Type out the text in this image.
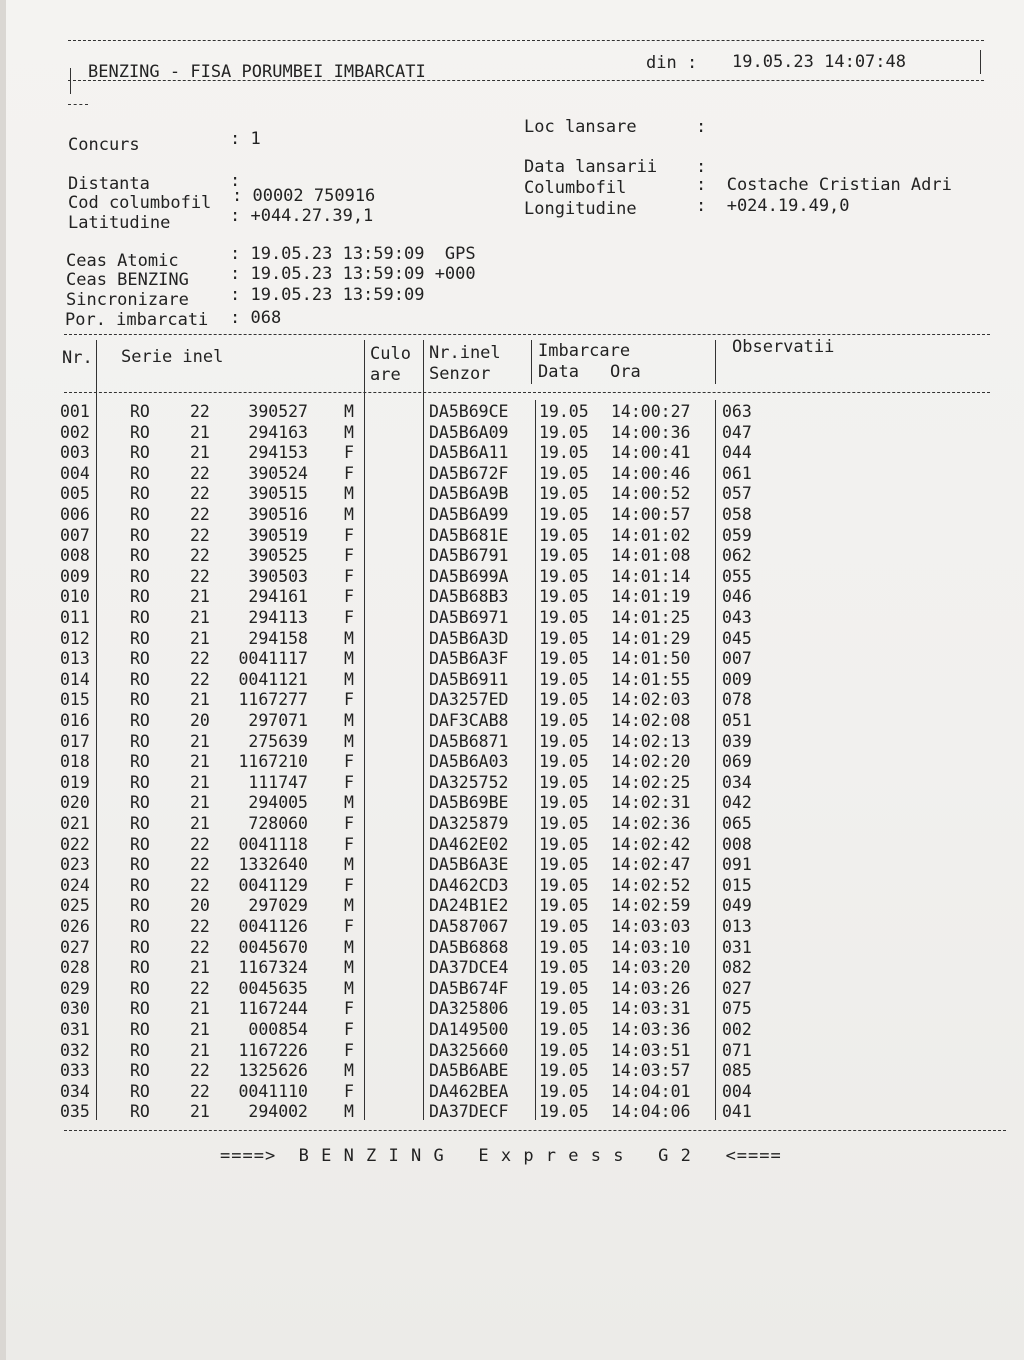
BENZING - FISA PORUMBEI IMBARCATI	din : 19.05.23 14:07:48
Concurs	: 1
Distanta	:
Cod columbofil : 00002 750916
Latitudine	: +044.27.39,1
Ceas Atomic	: 19.05.23 13:59:09  GPS
Ceas BENZING : 19.05.23 13:59:09 +000
Sincronizare : 19.05.23 13:59:09
Por. imbarcati : 068
Loc lansare	:
Data lansarii :
Columbofil	:  Costache Cristian Adri
Longitudine	:  +024.19.49,0
Nr. Serie inel	Culo
are
Nr.inel
Senzor
Imbarcare
Data Ora
Observatii
001 RO 22 390527 M	DA5B69CE 19.05 14:00:27 063
002 RO 21 294163 M	DA5B6A09 19.05 14:00:36 047
003 RO 21 294153 F	DA5B6A11 19.05 14:00:41 044
004 RO 22 390524 F	DA5B672F 19.05 14:00:46 061
005 RO 22 390515 M	DA5B6A9B 19.05 14:00:52 057
006 RO 22 390516 M	DA5B6A99 19.05 14:00:57 058
007 RO 22 390519 F	DA5B681E 19.05 14:01:02 059
008 RO 22 390525 F	DA5B6791 19.05 14:01:08 062
009 RO 22 390503 F	DA5B699A 19.05 14:01:14 055
010 RO 21 294161 F	DA5B68B3 19.05 14:01:19 046
011 RO 21 294113 F	DA5B6971 19.05 14:01:25 043
012 RO 21 294158 M	DA5B6A3D 19.05 14:01:29 045
013 RO 22 0041117 M	DA5B6A3F 19.05 14:01:50 007
014 RO 22 0041121 M	DA5B6911 19.05 14:01:55 009
015 RO 21 1167277 F	DA3257ED 19.05 14:02:03 078
016 RO 20 297071 M	DAF3CAB8 19.05 14:02:08 051
017 RO 21 275639 M	DA5B6871 19.05 14:02:13 039
018 RO 21 1167210 F	DA5B6A03 19.05 14:02:20 069
019 RO 21 111747 F	DA325752 19.05 14:02:25 034
020 RO 21 294005 M	DA5B69BE 19.05 14:02:31 042
021 RO 21 728060 F	DA325879 19.05 14:02:36 065
022 RO 22 0041118 F	DA462E02 19.05 14:02:42 008
023 RO 22 1332640 M	DA5B6A3E 19.05 14:02:47 091
024 RO 22 0041129 F	DA462CD3 19.05 14:02:52 015
025 RO 20 297029 M	DA24B1E2 19.05 14:02:59 049
026 RO 22 0041126 F	DA587067 19.05 14:03:03 013
027 RO 22 0045670 M	DA5B6868 19.05 14:03:10 031
028 RO 21 1167324 M	DA37DCE4 19.05 14:03:20 082
029 RO 22 0045635 M	DA5B674F 19.05 14:03:26 027
030 RO 21 1167244 F	DA325806 19.05 14:03:31 075
031 RO 21 000854 F	DA149500 19.05 14:03:36 002
032 RO 21 1167226 F	DA325660 19.05 14:03:51 071
033 RO 22 1325626 M	DA5B6ABE 19.05 14:03:57 085
034 RO 22 0041110 F	DA462BEA 19.05 14:04:01 004
035 RO 21 294002 M	DA37DECF 19.05 14:04:06 041
====>  B E N Z I N G   E x p r e s s   G 2   <====
